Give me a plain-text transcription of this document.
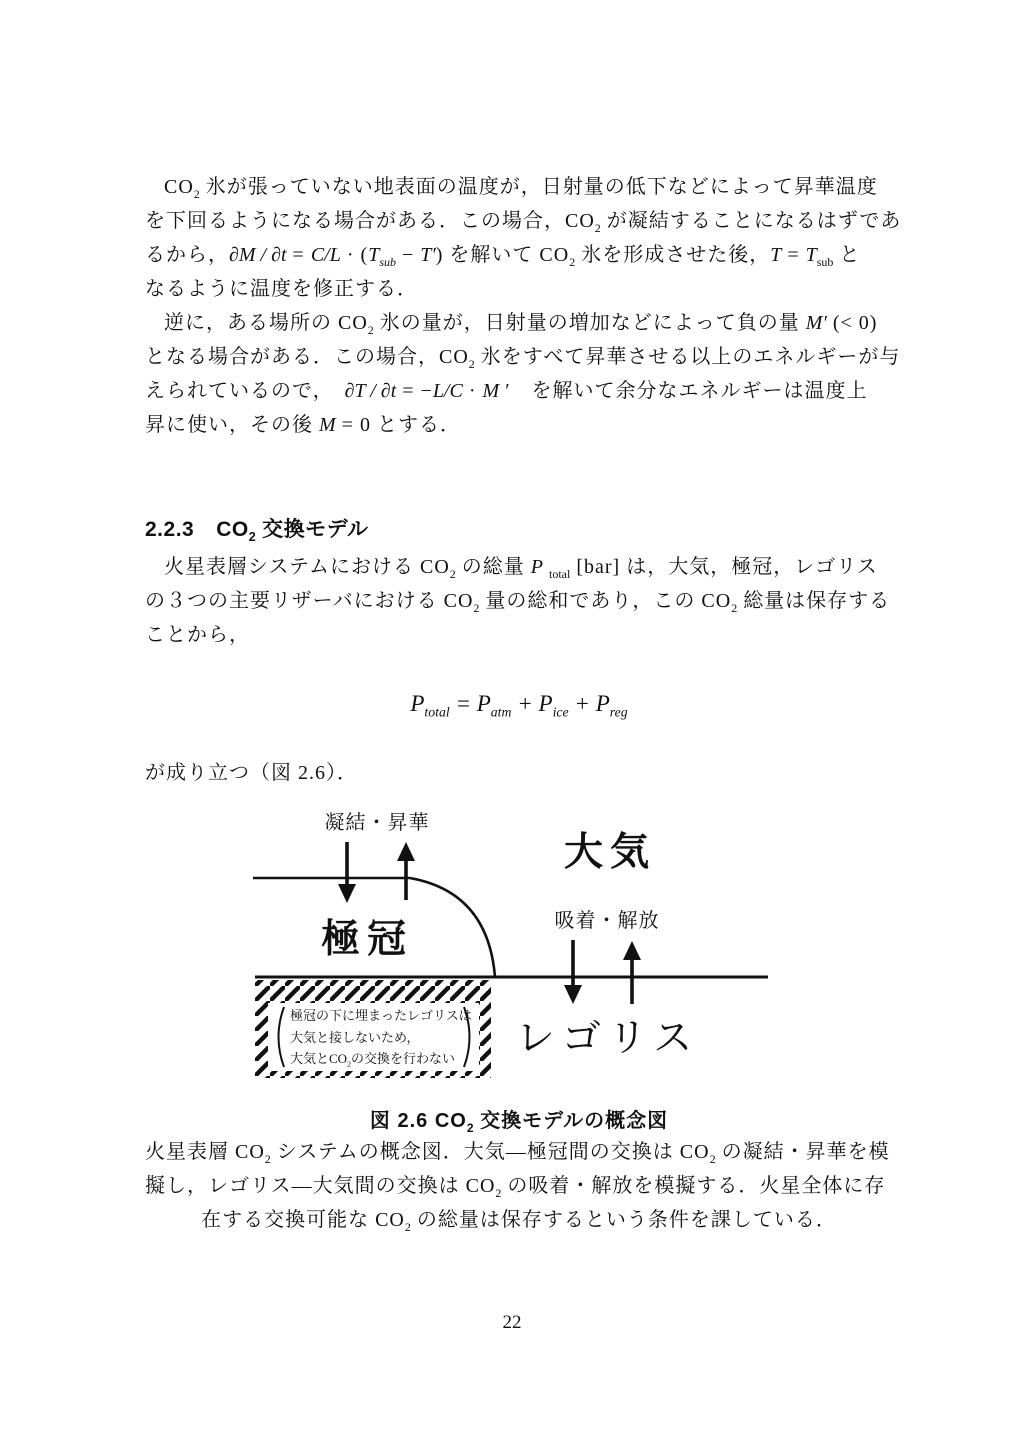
$CO_2$ 氷が張っていない地表面の温度が，日射量の低下などによって昇華温度
を下回るようになる場合がある．この場合，$CO_2$ が凝結することになるはずであ
るから，$\partial M / \partial t = C/L \cdot (T_{sub} - T')$ を解いて $CO_2$ 氷を形成させた後，$T = T_{sub}$ と
なるように温度を修正する．
逆に，ある場所の $CO_2$ 氷の量が，日射量の増加などによって負の量 M′ (< 0)
となる場合がある．この場合，$CO_2$ 氷をすべて昇華させる以上のエネルギーが与
えられているので，　∂T / ∂t = −L/C · M ′　を解いて余分なエネルギーは温度上
昇に使い，その後 M = 0 とする．
2.2.3 $CO_2$ 交換モデル
火星表層システムにおける $CO_2$ の総量 P $_{total}$ [bar] は，大気，極冠，レゴリス
の３つの主要リザーバにおける $CO_2$ 量の総和であり，この $CO_2$ 総量は保存する
ことから，
$P_{total} = P_{atm} + P_{ice} + P_{reg}$
が成り立つ（図 2.6）．
凝結・昇華
大気
極冠	吸着・解放
レゴリス
極冠の下に埋まったレゴリスは
大気と接しないため，
大気と$CO_2$の交換を行わない
図 2.6 $CO_2$ 交換モデルの概念図
火星表層 $CO_2$ システムの概念図．大気―極冠間の交換は $CO_2$ の凝結・昇華を模
擬し，レゴリス―大気間の交換は $CO_2$ の吸着・解放を模擬する．火星全体に存
在する交換可能な $CO_2$ の総量は保存するという条件を課している．
22
